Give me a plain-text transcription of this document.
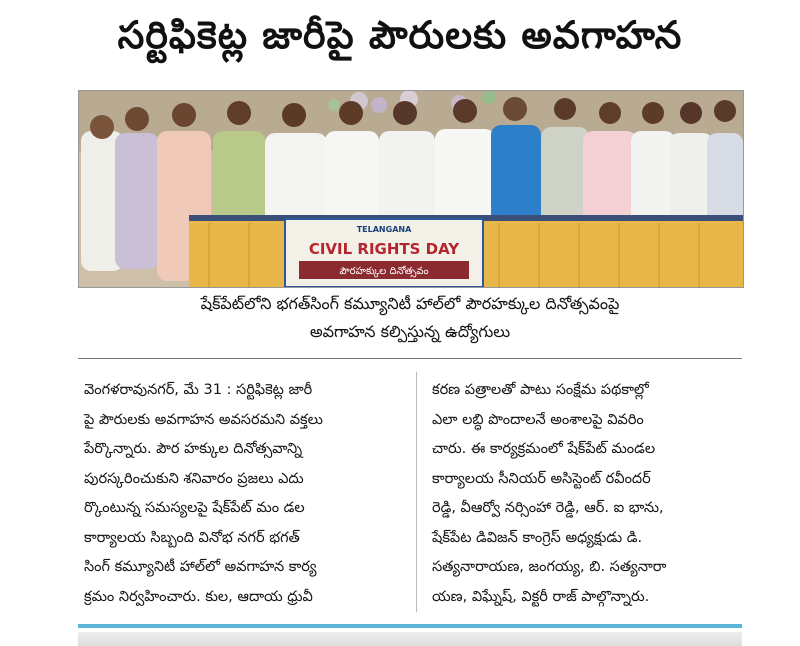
సర్టిఫికెట్ల జారీపై పౌరులకు అవగాహన
TELANGANA
CIVIL RIGHTS DAY
పౌరహక్కుల దినోత్సవం
షేక్‌పేట్‌లోని భగత్‌సింగ్ కమ్యూనిటీ హాల్‌లో పౌరహక్కుల దినోత్సవంపై
అవగాహన కల్పిస్తున్న ఉద్యోగులు

వెంగళరావునగర్, మే 31 : సర్టిఫికెట్ల జారీ

పై పౌరులకు అవగాహన అవసరమని వక్తలు

పేర్కొన్నారు. పౌర హక్కుల దినోత్సవాన్ని

పురస్కరించుకుని శనివారం ప్రజలు ఎదు

ర్కొంటున్న సమస్యలపై షేక్‌పేట్ మం డల

కార్యాలయ సిబ్బంది వినోభ నగర్ భగత్

సింగ్ కమ్యూనిటీ హాల్‌లో అవగాహన కార్య

క్రమం నిర్వహించారు. కుల, ఆదాయ ధ్రువీ

కరణ పత్రాలతో పాటు సంక్షేమ పథకాల్లో

ఎలా లబ్ధి పొందాలనే అంశాలపై వివరిం

చారు. ఈ కార్యక్రమంలో షేక్‌పేట్ మండల

కార్యాలయ సీనియర్ అసిస్టెంట్ రవీందర్

రెడ్డి, వీఆర్వో నర్సింహా రెడ్డి, ఆర్. ఐ భాను,

షేక్‌పేట డివిజన్ కాంగ్రెస్ అధ్యక్షుడు డి.

సత్యనారాయణ, జంగయ్య, బి. సత్యనారా

యణ, విఘ్నేష్, విక్టరీ రాజ్ పాల్గొన్నారు.
